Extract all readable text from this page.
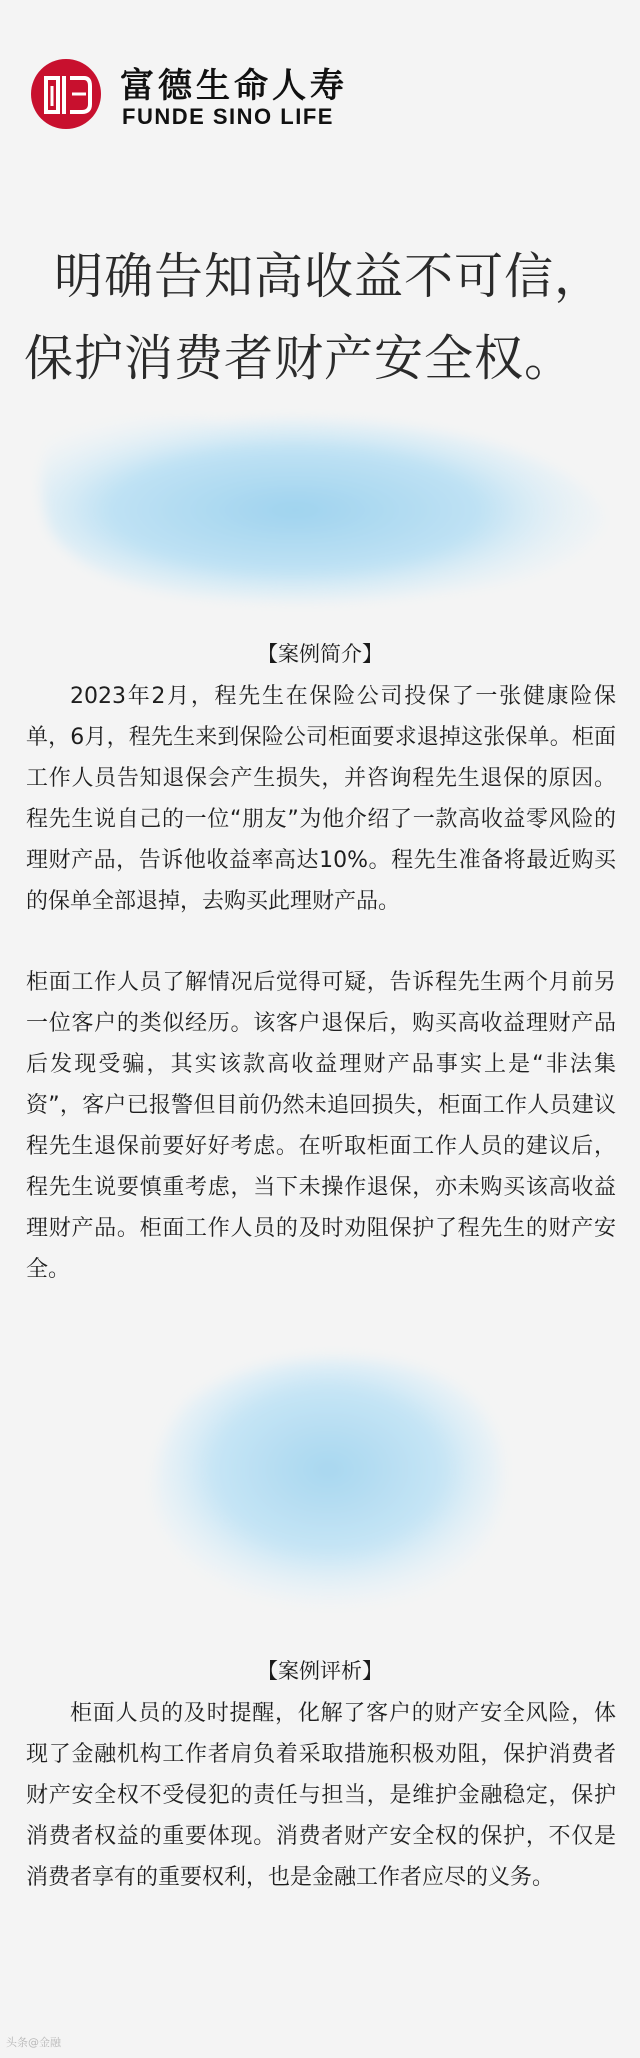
富德生命人寿
FUNDE SINO LIFE
明确告知高收益不可信，
保护消费者财产安全权。
【案例简介】

2023年2月，程先生在保险公司投保了一张健康险保单，6月，程先生来到保险公司柜面要求退掉这张保单。柜面工作人员告知退保会产生损失，并咨询程先生退保的原因。程先生说自己的一位“朋友”为他介绍了一款高收益零风险的理财产品，告诉他收益率高达10%。程先生准备将最近购买的保单全部退掉，去购买此理财产品。

柜面工作人员了解情况后觉得可疑，告诉程先生两个月前另一位客户的类似经历。该客户退保后，购买高收益理财产品后发现受骗，其实该款高收益理财产品事实上是“非法集资”，客户已报警但目前仍然未追回损失，柜面工作人员建议程先生退保前要好好考虑。在听取柜面工作人员的建议后，程先生说要慎重考虑，当下未操作退保，亦未购买该高收益理财产品。柜面工作人员的及时劝阻保护了程先生的财产安全。

【案例评析】

柜面人员的及时提醒，化解了客户的财产安全风险，体现了金融机构工作者肩负着采取措施积极劝阻，保护消费者财产安全权不受侵犯的责任与担当，是维护金融稳定，保护消费者权益的重要体现。消费者财产安全权的保护，不仅是消费者享有的重要权利，也是金融工作者应尽的义务。

头条@金融
